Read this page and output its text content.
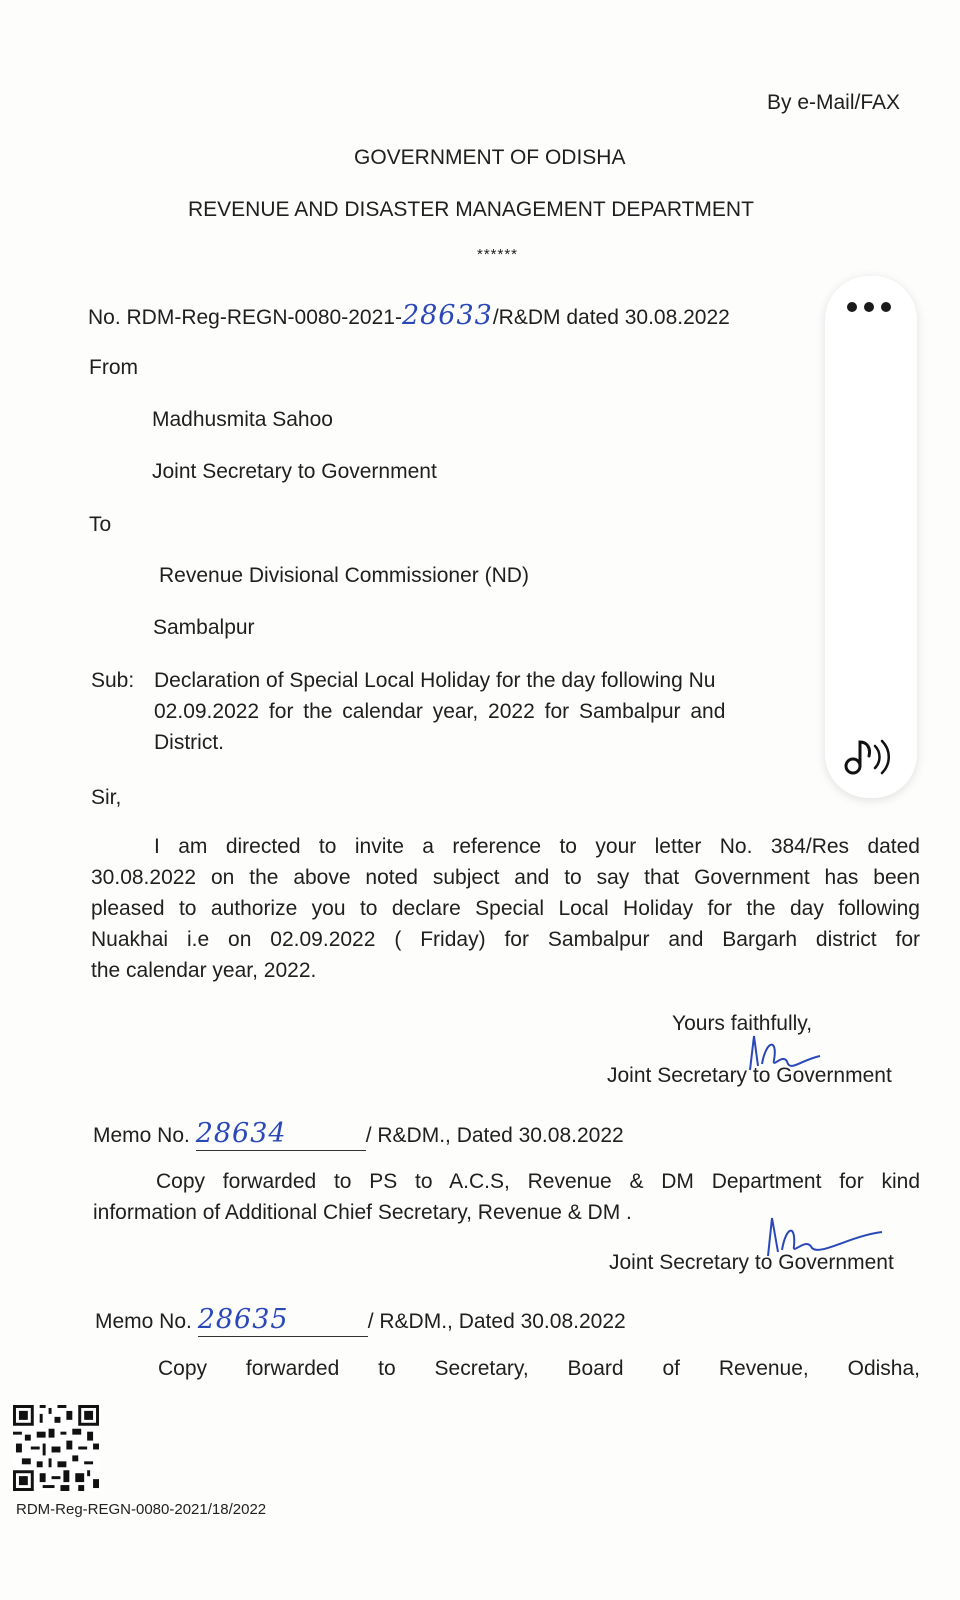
By e-Mail/FAX
GOVERNMENT OF ODISHA
REVENUE AND DISASTER MANAGEMENT DEPARTMENT
******
No. RDM-Reg-REGN-0080-2021-28633/R&DM dated 30.08.2022
From
Madhusmita Sahoo
Joint Secretary to Government
To
Revenue Divisional Commissioner (ND)
Sambalpur
Sub: Declaration of Special Local Holiday for the day following Nu
02.09.2022 for the calendar year, 2022 for Sambalpur and
District.
Sir,
I am directed to invite a reference to your letter No. 384/Res dated
30.08.2022 on the above noted subject and to say that Government has been
pleased to authorize you to declare Special Local Holiday for the day following
Nuakhai i.e on 02.09.2022 ( Friday) for Sambalpur and Bargarh district for
the calendar year, 2022.
Yours faithfully,
Joint Secretary to Government
Memo No. 28634	/ R&DM., Dated 30.08.2022
Copy forwarded to PS to A.C.S, Revenue & DM Department for kind
information of Additional Chief Secretary, Revenue & DM .
Joint Secretary to Government
Memo No. 28635	/ R&DM., Dated 30.08.2022
Copy forwarded to Secretary, Board of Revenue, Odisha,
RDM-Reg-REGN-0080-2021/18/2022
